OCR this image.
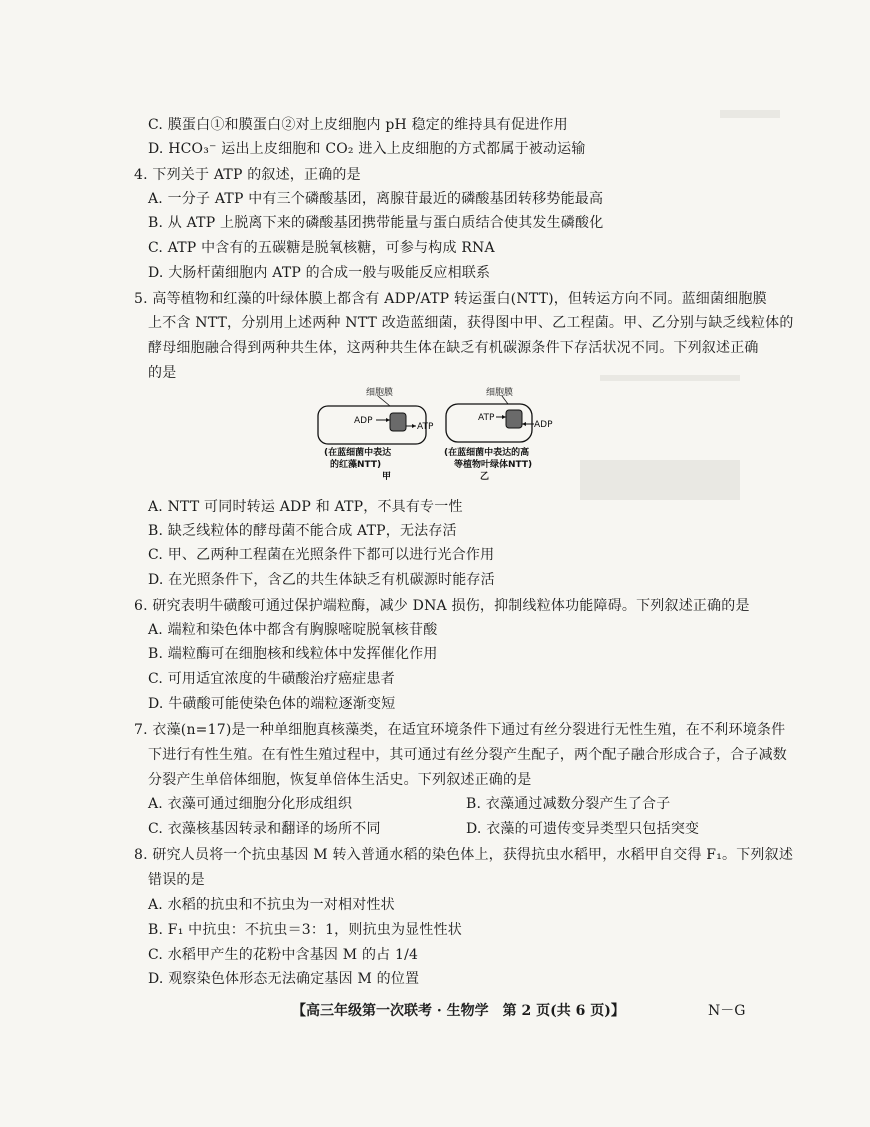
C. 膜蛋白①和膜蛋白②对上皮细胞内 pH 稳定的维持具有促进作用
D. HCO₃⁻ 运出上皮细胞和 CO₂ 进入上皮细胞的方式都属于被动运输
4. 下列关于 ATP 的叙述，正确的是
A. 一分子 ATP 中有三个磷酸基团，离腺苷最近的磷酸基团转移势能最高
B. 从 ATP 上脱离下来的磷酸基团携带能量与蛋白质结合使其发生磷酸化
C. ATP 中含有的五碳糖是脱氧核糖，可参与构成 RNA
D. 大肠杆菌细胞内 ATP 的合成一般与吸能反应相联系
5. 高等植物和红藻的叶绿体膜上都含有 ADP/ATP 转运蛋白(NTT)，但转运方向不同。蓝细菌细胞膜
上不含 NTT，分别用上述两种 NTT 改造蓝细菌，获得图中甲、乙工程菌。甲、乙分别与缺乏线粒体的
酵母细胞融合得到两种共生体，这两种共生体在缺乏有机碳源条件下存活状况不同。下列叙述正确
的是
A. NTT 可同时转运 ADP 和 ATP，不具有专一性
B. 缺乏线粒体的酵母菌不能合成 ATP，无法存活
C. 甲、乙两种工程菌在光照条件下都可以进行光合作用
D. 在光照条件下，含乙的共生体缺乏有机碳源时能存活
6. 研究表明牛磺酸可通过保护端粒酶，减少 DNA 损伤，抑制线粒体功能障碍。下列叙述正确的是
A. 端粒和染色体中都含有胸腺嘧啶脱氧核苷酸
B. 端粒酶可在细胞核和线粒体中发挥催化作用
C. 可用适宜浓度的牛磺酸治疗癌症患者
D. 牛磺酸可能使染色体的端粒逐渐变短
7. 衣藻(n=17)是一种单细胞真核藻类，在适宜环境条件下通过有丝分裂进行无性生殖，在不利环境条件
下进行有性生殖。在有性生殖过程中，其可通过有丝分裂产生配子，两个配子融合形成合子，合子减数
分裂产生单倍体细胞，恢复单倍体生活史。下列叙述正确的是
A. 衣藻可通过细胞分化形成组织	B. 衣藻通过减数分裂产生了合子
C. 衣藻核基因转录和翻译的场所不同	D. 衣藻的可遗传变异类型只包括突变
8. 研究人员将一个抗虫基因 M 转入普通水稻的染色体上，获得抗虫水稻甲，水稻甲自交得 F₁。下列叙述
错误的是
A. 水稻的抗虫和不抗虫为一对相对性状
B. F₁ 中抗虫：不抗虫＝3：1，则抗虫为显性性状
C. 水稻甲产生的花粉中含基因 M 的占 1/4
D. 观察染色体形态无法确定基因 M 的位置
细胞膜
ADP
ATP
(在蓝细菌中表达
的红藻NTT)
甲
细胞膜
ATP
ADP
(在蓝细菌中表达的高
等植物叶绿体NTT)
乙
【高三年级第一次联考 · 生物学　第 2 页(共 6 页)】	N－G
